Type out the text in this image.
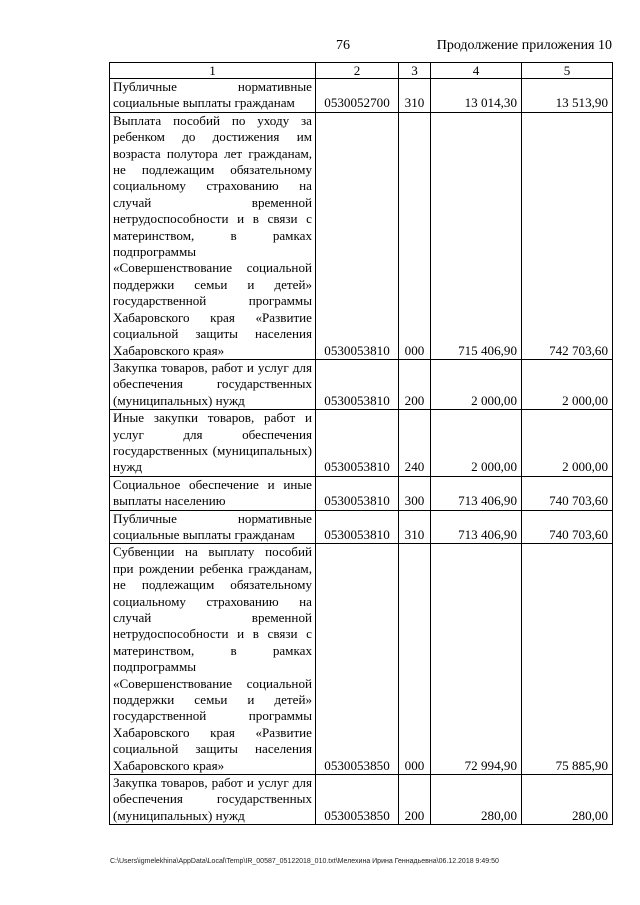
76	Продолжение приложения 10
1	2	3	4	5
Публичные нормативные социальные выплаты гражданам	0530052700	310	13 014,30	13 513,90
Выплата пособий по уходу за ребенком до достижения им возраста полутора лет гражданам, не подлежащим обязательному социальному страхованию на случай временной нетрудоспособности и в связи с материнством, в рамках подпрограммы «Совершенствование социальной поддержки семьи и детей» государственной программы Хабаровского края «Развитие социальной защиты населения Хабаровского края»	0530053810	000	715 406,90	742 703,60
Закупка товаров, работ и услуг для обеспечения государственных (муниципальных) нужд	0530053810	200	2 000,00	2 000,00
Иные закупки товаров, работ и услуг для обеспечения государственных (муниципальных) нужд	0530053810	240	2 000,00	2 000,00
Социальное обеспечение и иные выплаты населению	0530053810	300	713 406,90	740 703,60
Публичные нормативные социальные выплаты гражданам	0530053810	310	713 406,90	740 703,60
Субвенции на выплату пособий при рождении ребенка гражданам, не подлежащим обязательному социальному страхованию на случай временной нетрудоспособности и в связи с материнством, в рамках подпрограммы «Совершенствование социальной поддержки семьи и детей» государственной программы Хабаровского края «Развитие социальной защиты населения Хабаровского края»	0530053850	000	72 994,90	75 885,90
Закупка товаров, работ и услуг для обеспечения государственных (муниципальных) нужд	0530053850	200	280,00	280,00
C:\Users\igmelekhina\AppData\Local\Temp\IR_00587_05122018_010.txt\Мелехина Ирина Геннадьевна\06.12.2018 9:49:50
